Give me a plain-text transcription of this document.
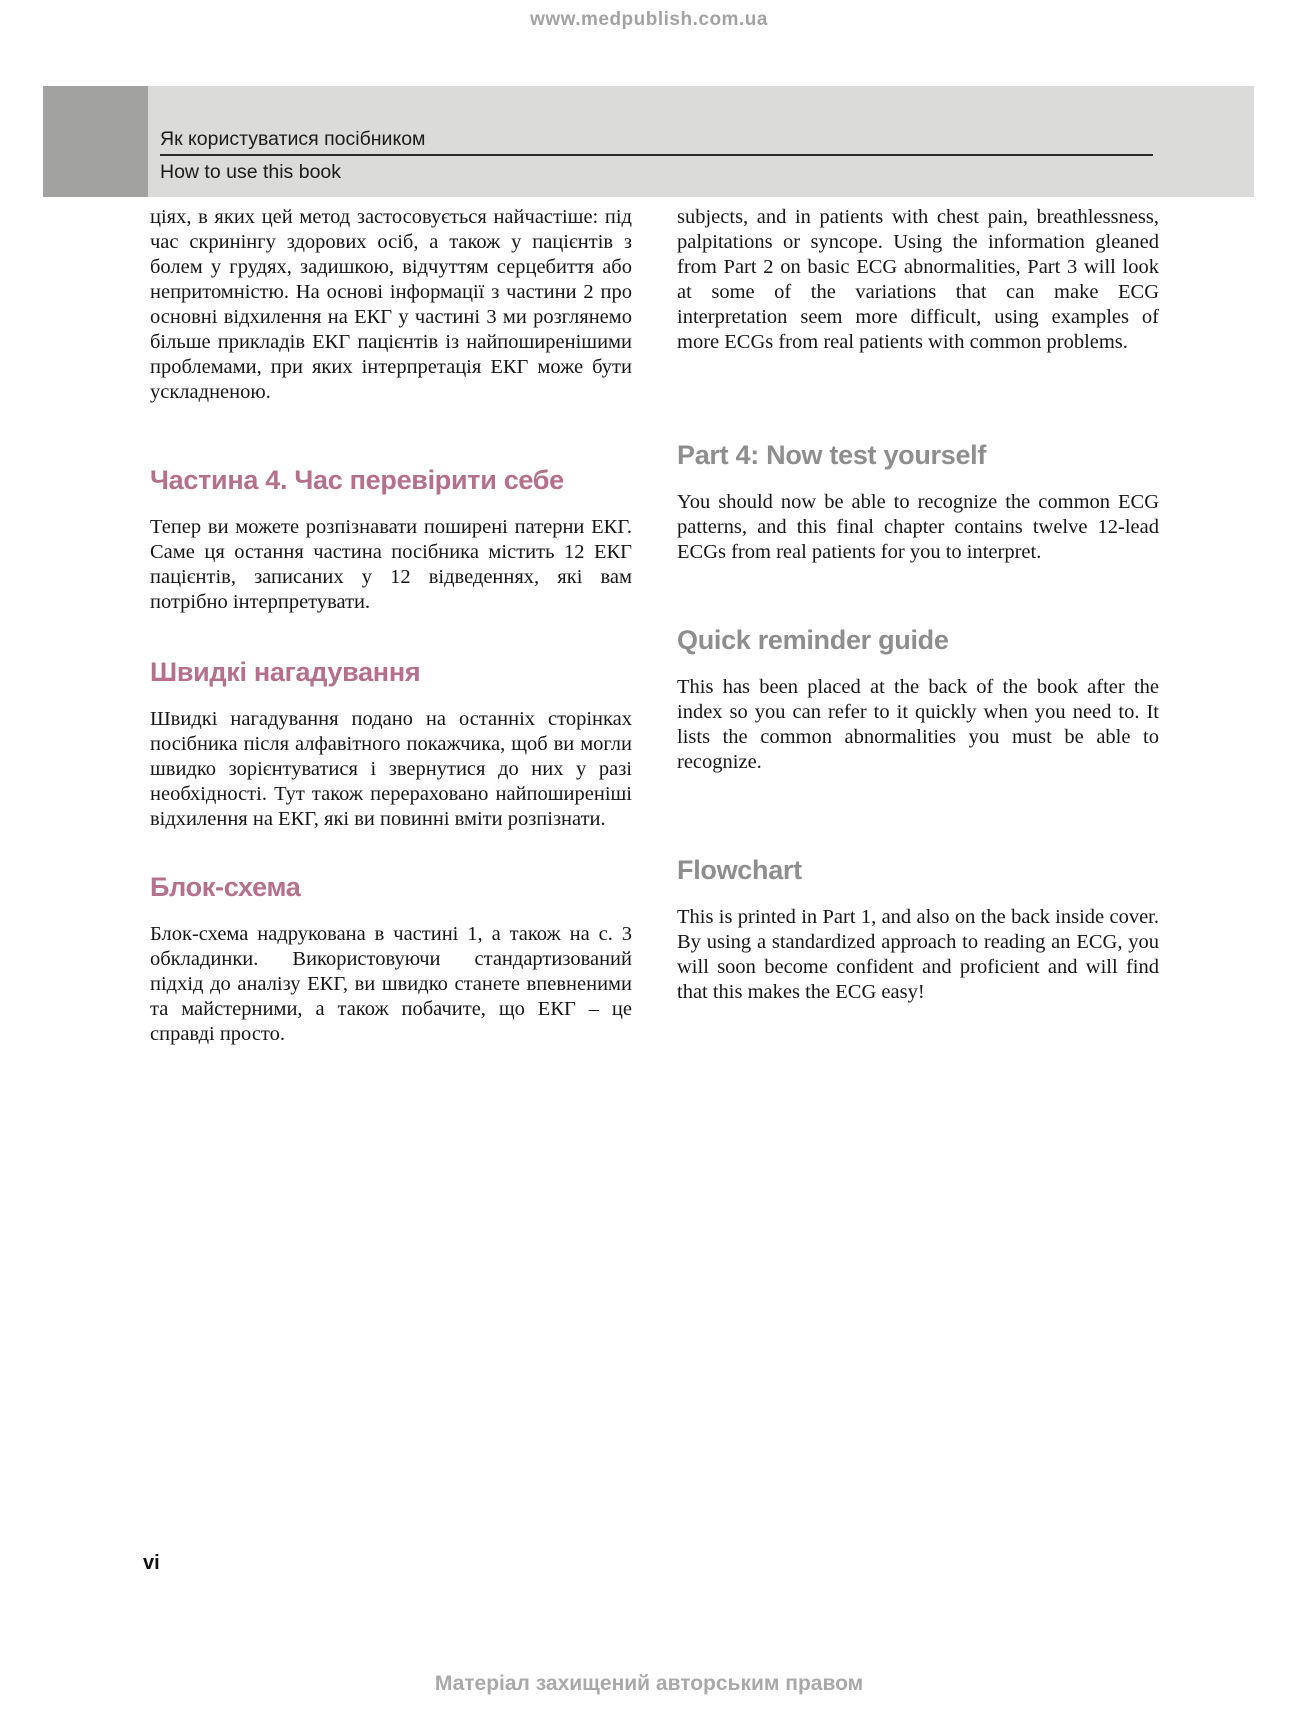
www.medpublish.com.ua
Як користуватися посібником
How to use this book

ціях, в яких цей метод застосовується найчастіше: під час скринінгу здорових осіб, а також у пацієнтів з болем у грудях, задишкою, відчуттям серцебиття або непритомністю. На основі інформації з частини 2 про основні відхилення на ЕКГ у частині 3 ми розглянемо більше прикладів ЕКГ пацієнтів із найпоширенішими проблемами, при яких інтерпретація ЕКГ може бути ускладненою.

Частина 4. Час перевірити себе

Тепер ви можете розпізнавати поширені патерни ЕКГ. Саме ця остання частина посібника містить 12 ЕКГ пацієнтів, записаних у 12 відведеннях, які вам потрібно інтерпретувати.

Швидкі нагадування

Швидкі нагадування подано на останніх сторінках посібника після алфавітного покажчика, щоб ви могли швидко зорієнтуватися і звернутися до них у разі необхідності. Тут також перераховано найпоширеніші відхилення на ЕКГ, які ви повинні вміти розпізнати.

Блок-схема

Блок-схема надрукована в частині 1, а також на с. 3 обкладинки. Використовуючи стандартизований підхід до аналізу ЕКГ, ви швидко станете впевненими та майстерними, а також побачите, що ЕКГ – це справді просто.

subjects, and in patients with chest pain, breathlessness, palpitations or syncope. Using the information gleaned from Part 2 on basic ECG abnormalities, Part 3 will look at some of the variations that can make ECG interpretation seem more difficult, using examples of more ECGs from real patients with common problems.

Part 4: Now test yourself

You should now be able to recognize the common ECG patterns, and this final chapter contains twelve 12-lead ECGs from real patients for you to interpret.

Quick reminder guide

This has been placed at the back of the book after the index so you can refer to it quickly when you need to. It lists the common abnormalities you must be able to recognize.

Flowchart

This is printed in Part 1, and also on the back inside cover. By using a standardized approach to reading an ECG, you will soon become confident and proficient and will find that this makes the ECG easy!

vi
Матеріал захищений авторським правом
